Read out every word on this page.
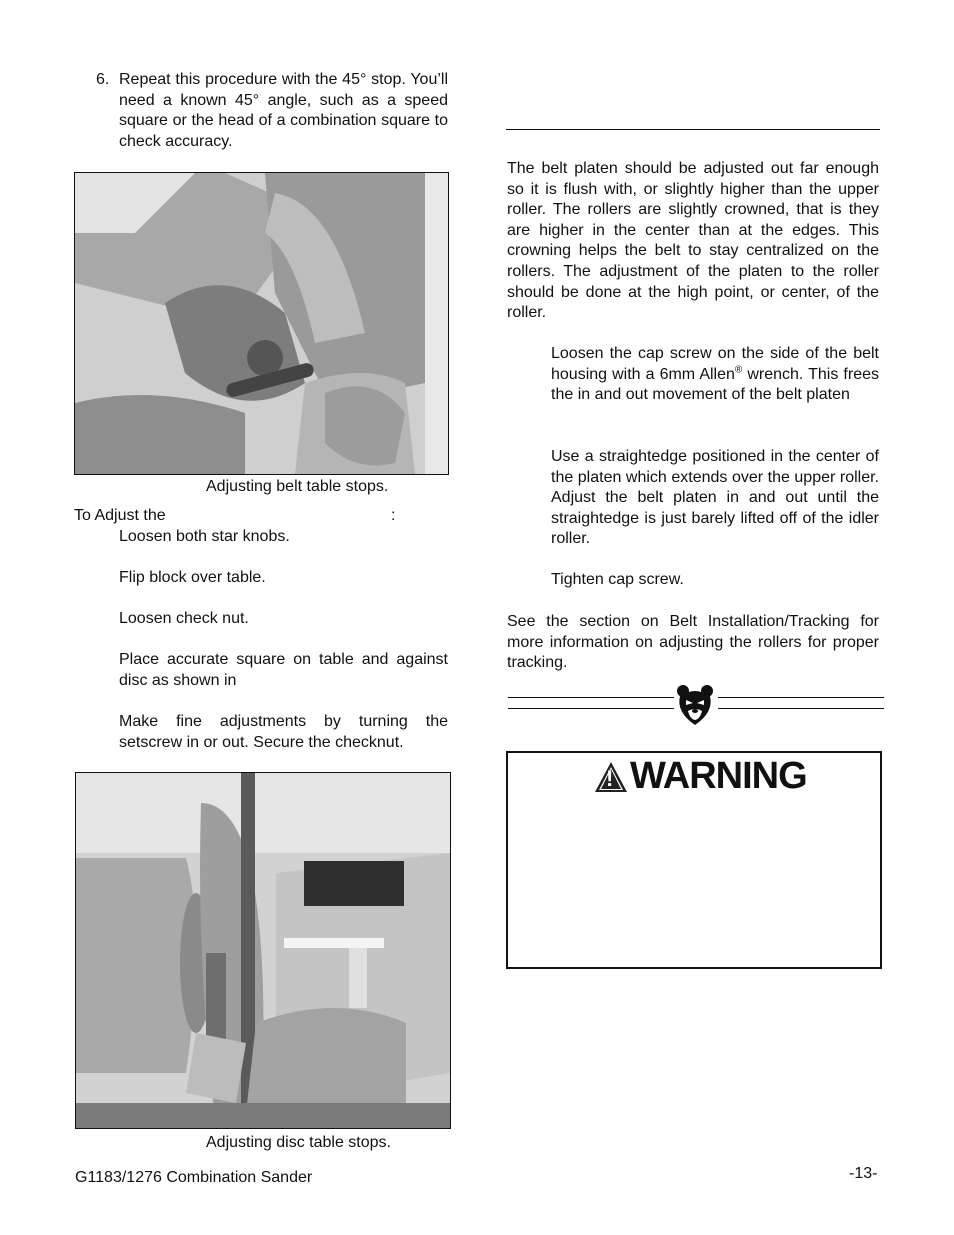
6. Repeat this procedure with the 45° stop. You’ll need a known 45° angle, such as a speed square or the head of a combination square to check accuracy.
Adjusting belt table stops.
To Adjust the	:
Loosen both star knobs.
Flip block over table.
Loosen check nut.
Place accurate square on table and against disc as shown in
Make fine adjustments by turning the setscrew in or out. Secure the checknut.
Adjusting disc table stops.
The belt platen should be adjusted out far enough so it is flush with, or slightly higher than the upper roller. The rollers are slightly crowned, that is they are higher in the center than at the edges. This crowning helps the belt to stay centralized on the rollers. The adjustment of the platen to the roller should be done at the high point, or center, of the roller.
Loosen the cap screw on the side of the belt housing with a 6mm Allen® wrench. This frees the in and out movement of the belt platen
Use a straightedge positioned in the center of the platen which extends over the upper roller. Adjust the belt platen in and out until the straightedge is just barely lifted off of the idler roller.
Tighten cap screw.
See the section on Belt Installation/Tracking for more information on adjusting the rollers for proper tracking.
! WARNING
G1183/1276 Combination Sander	-13-
